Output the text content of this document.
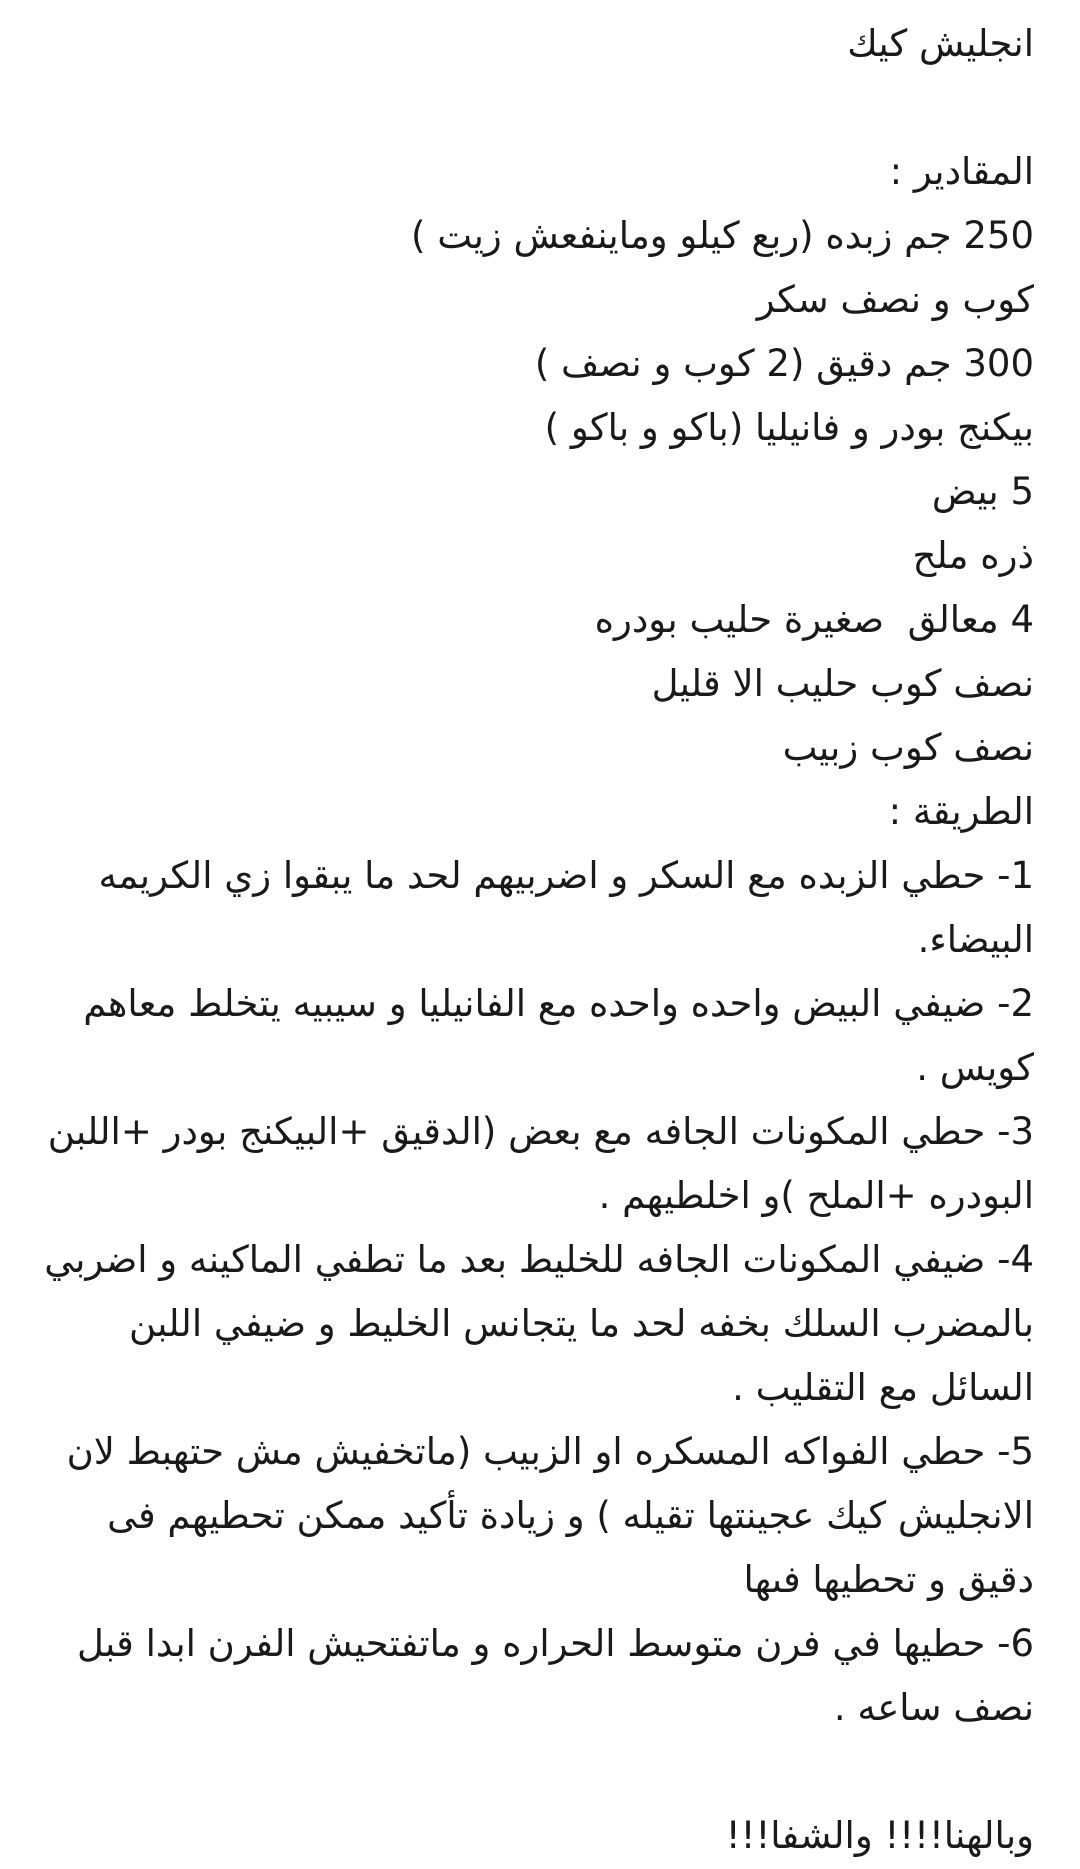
انجليش كيك
المقادير :
250 جم زبده (ربع كيلو وماينفعش زيت )
كوب و نصف سكر
300 جم دقيق (2 كوب و نصف )
بيكنج بودر و فانيليا (باكو و باكو )
5 بيض
ذره ملح
4 معالق  صغيرة حليب بودره
نصف كوب حليب الا قليل
نصف كوب زبيب
الطريقة :
1- حطي الزبده مع السكر و اضربيهم لحد ما يبقوا زي الكريمه البيضاء.
2- ضيفي البيض واحده واحده مع الفانيليا و سيبيه يتخلط معاهم كويس .
3- حطي المكونات الجافه مع بعض (الدقيق +البيكنج بودر +اللبن البودره +الملح )و اخلطيهم .
4- ضيفي المكونات الجافه للخليط بعد ما تطفي الماكينه و اضربي بالمضرب السلك بخفه لحد ما يتجانس الخليط و ضيفي اللبن السائل مع التقليب .
5- حطي الفواكه المسكره او الزبيب (ماتخفيش مش حتهبط لان الانجليش كيك عجينتها تقيله ) و زيادة تأكيد ممكن تحطيهم فى دقيق و تحطيها فىها
6- حطيها في فرن متوسط الحراره و ماتفتحيش الفرن ابدا قبل نصف ساعه .
وبالهنا!!!! والشفا!!!
